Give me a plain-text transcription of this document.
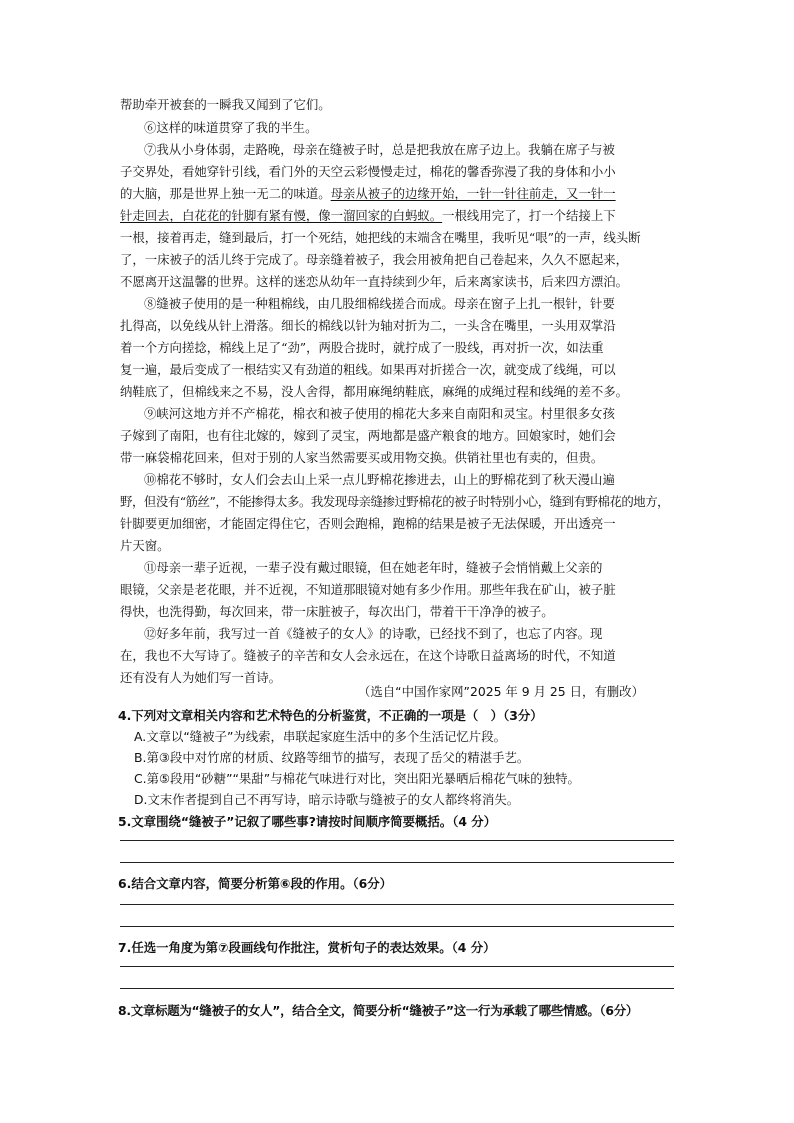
帮助牵开被套的一瞬我又闻到了它们。
⑥这样的味道贯穿了我的半生。
⑦我从小身体弱，走路晚，母亲在缝被子时，总是把我放在席子边上。我躺在席子与被
子交界处，看她穿针引线，看门外的天空云彩慢慢走过，棉花的馨香弥漫了我的身体和小小
的大脑，那是世界上独一无二的味道。母亲从被子的边缘开始，一针一针往前走，又一针一
针走回去，白花花的针脚有紧有慢，像一溜回家的白蚂蚁。一根线用完了，打一个结接上下
一根，接着再走，缝到最后，打一个死结，她把线的末端含在嘴里，我听见“哏”的一声，线头断
了，一床被子的活儿终于完成了。母亲缝着被子，我会用被角把自己卷起来，久久不愿起来，
不愿离开这温馨的世界。这样的迷恋从幼年一直持续到少年，后来离家读书，后来四方漂泊。
⑧缝被子使用的是一种粗棉线，由几股细棉线搓合而成。母亲在窗子上扎一根针，针要
扎得高，以免线从针上滑落。细长的棉线以针为轴对折为二，一头含在嘴里，一头用双掌沿
着一个方向搓捻，棉线上足了“劲”，两股合拢时，就拧成了一股线，再对折一次，如法重
复一遍，最后变成了一根结实又有劲道的粗线。如果再对折搓合一次，就变成了线绳，可以
纳鞋底了，但棉线来之不易，没人舍得，都用麻绳纳鞋底，麻绳的成绳过程和线绳的差不多。
⑨峡河这地方并不产棉花，棉衣和被子使用的棉花大多来自南阳和灵宝。村里很多女孩
子嫁到了南阳，也有往北嫁的，嫁到了灵宝，两地都是盛产粮食的地方。回娘家时，她们会
带一麻袋棉花回来，但对于别的人家当然需要买或用物交换。供销社里也有卖的，但贵。
⑩棉花不够时，女人们会去山上采一点儿野棉花掺进去，山上的野棉花到了秋天漫山遍
野，但没有“筋丝”，不能掺得太多。我发现母亲缝掺过野棉花的被子时特别小心，缝到有野棉花的地方，
针脚要更加细密，才能固定得住它，否则会跑棉，跑棉的结果是被子无法保暖，开出透亮一
片天窗。
⑪母亲一辈子近视，一辈子没有戴过眼镜，但在她老年时，缝被子会悄悄戴上父亲的
眼镜，父亲是老花眼，并不近视，不知道那眼镜对她有多少作用。那些年我在矿山，被子脏
得快，也洗得勤，每次回来，带一床脏被子，每次出门，带着干干净净的被子。
⑫好多年前，我写过一首《缝被子的女人》的诗歌，已经找不到了，也忘了内容。现
在，我也不大写诗了。缝被子的辛苦和女人会永远在，在这个诗歌日益离场的时代，不知道
还有没有人为她们写一首诗。
（选自“中国作家网”2025 年 9 月 25 日，有删改）
4.下列对文章相关内容和艺术特色的分析鉴赏，不正确的一项是（　）（3分）
A.文章以“缝被子”为线索，串联起家庭生活中的多个生活记忆片段。
B.第③段中对竹席的材质、纹路等细节的描写，表现了岳父的精湛手艺。
C.第⑤段用“砂糖”“果甜”与棉花气味进行对比，突出阳光暴晒后棉花气味的独特。
D.文末作者提到自己不再写诗，暗示诗歌与缝被子的女人都终将消失。
5.文章围绕“缝被子”记叙了哪些事?请按时间顺序简要概括。（4 分）
6.结合文章内容，简要分析第⑥段的作用。（6分）
7.任选一角度为第⑦段画线句作批注，赏析句子的表达效果。（4 分）
8.文章标题为“缝被子的女人”，结合全文，简要分析“缝被子”这一行为承载了哪些情感。（6分）
